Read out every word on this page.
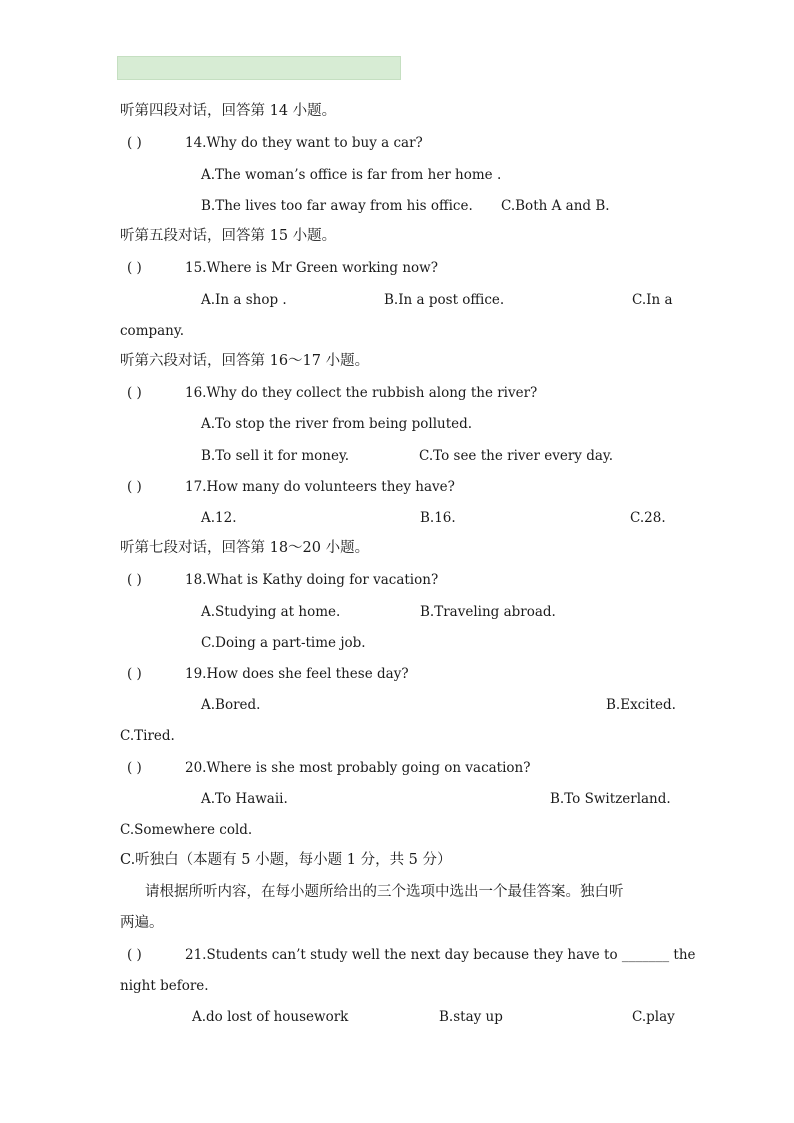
听第四段对话，回答第 14 小题。
( )	14.Why do they want to buy a car?
A.The woman’s office is far from her home .
B.The lives too far away from his office. C.Both A and B.
听第五段对话，回答第 15 小题。
( )	15.Where is Mr Green working now?
A.In a shop .	B.In a post office.	C.In a
company.
听第六段对话，回答第 16～17 小题。
( )	16.Why do they collect the rubbish along the river?
A.To stop the river from being polluted.
B.To sell it for money.	C.To see the river every day.
( )	17.How many do volunteers they have?
A.12.	B.16.	C.28.
听第七段对话，回答第 18～20 小题。
( )	18.What is Kathy doing for vacation?
A.Studying at home.	B.Traveling abroad.
C.Doing a part-time job.
( )	19.How does she feel these day?
A.Bored.	B.Excited.
C.Tired.
( )	20.Where is she most probably going on vacation?
A.To Hawaii.	B.To Switzerland.
C.Somewhere cold.
C.听独白（本题有 5 小题，每小题 1 分，共 5 分）
请根据所听内容，在每小题所给出的三个选项中选出一个最佳答案。独白听
两遍。
( )	21.Students can’t study well the next day because they have to _______ the
night before.
A.do lost of housework	B.stay up	C.play
